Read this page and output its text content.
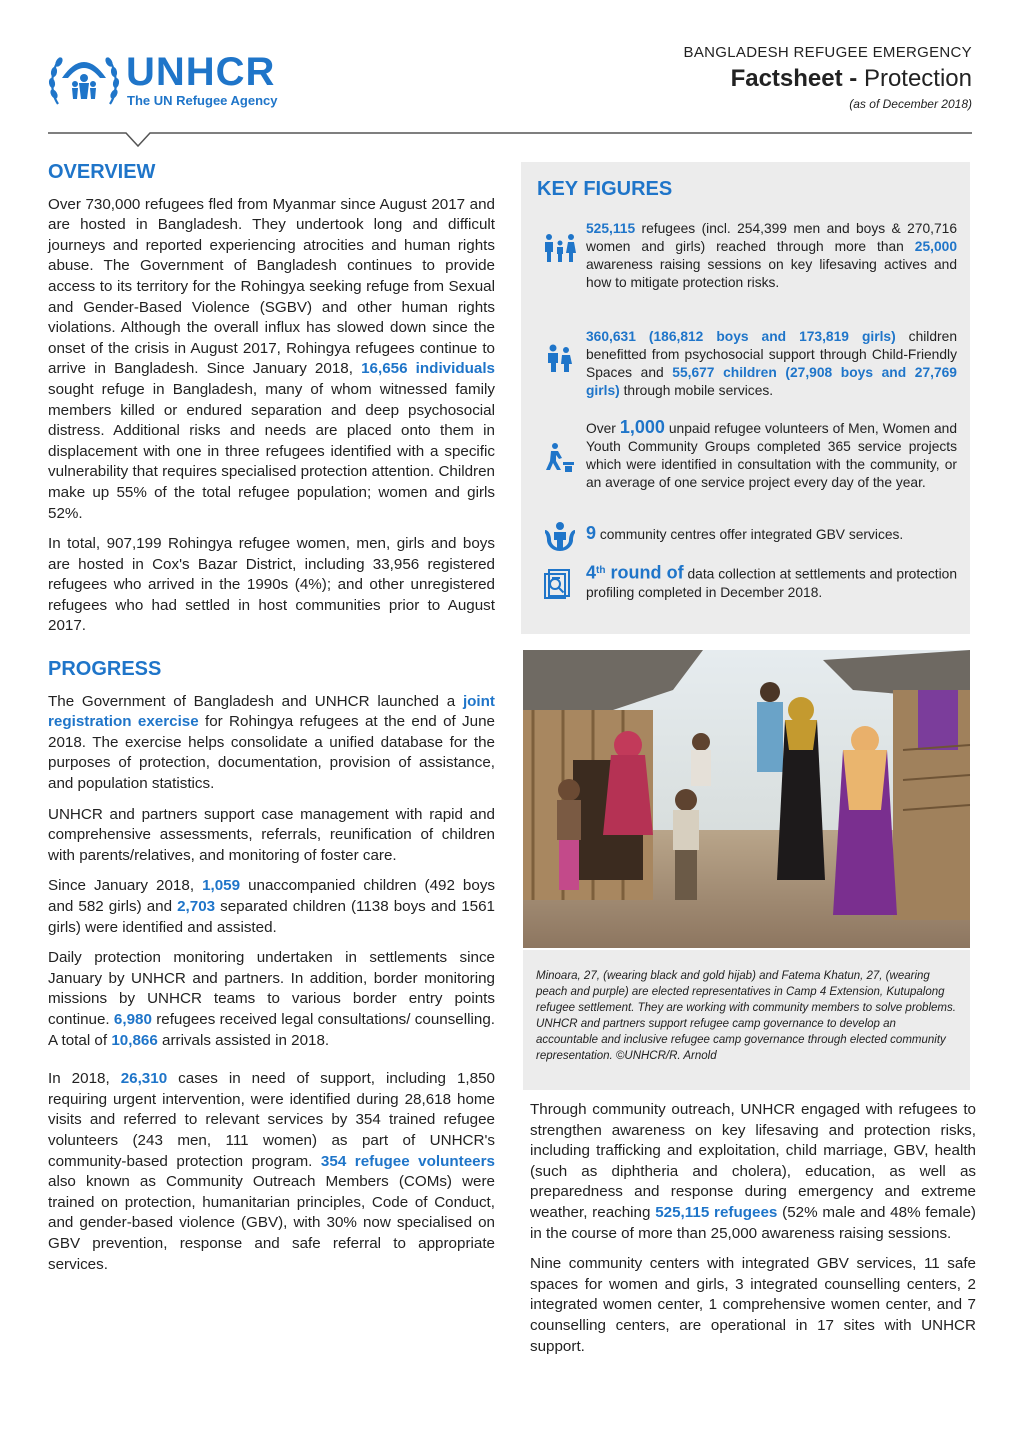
UNHCR
The UN Refugee Agency
BANGLADESH REFUGEE EMERGENCY
Factsheet - Protection
(as of December 2018)
OVERVIEW

Over 730,000 refugees fled from Myanmar since August 2017 and are hosted in Bangladesh. They undertook long and difficult journeys and reported experiencing atrocities and human rights abuse. The Government of Bangladesh continues to provide access to its territory for the Rohingya seeking refuge from Sexual and Gender-Based Violence (SGBV) and other human rights violations. Although the overall influx has slowed down since the onset of the crisis in August 2017, Rohingya refugees continue to arrive in Bangladesh. Since January 2018, 16,656 individuals sought refuge in Bangladesh, many of whom witnessed family members killed or endured separation and deep psychosocial distress. Additional risks and needs are placed onto them in displacement with one in three refugees identified with a specific vulnerability that requires specialised protection attention. Children make up 55% of the total refugee population; women and girls 52%.

In total, 907,199 Rohingya refugee women, men, girls and boys are hosted in Cox's Bazar District, including 33,956 registered refugees who arrived in the 1990s (4%); and other unregistered refugees who had settled in host communities prior to August 2017.

PROGRESS

The Government of Bangladesh and UNHCR launched a joint registration exercise for Rohingya refugees at the end of June 2018. The exercise helps consolidate a unified database for the purposes of protection, documentation, provision of assistance, and population statistics.

UNHCR and partners support case management with rapid and comprehensive assessments, referrals, reunification of children with parents/relatives, and monitoring of foster care.

Since January 2018, 1,059 unaccompanied children (492 boys and 582 girls) and 2,703 separated children (1138 boys and 1561 girls) were identified and assisted.

Daily protection monitoring undertaken in settlements since January by UNHCR and partners. In addition, border monitoring missions by UNHCR teams to various border entry points continue. 6,980 refugees received legal consultations/ counselling. A total of 10,866 arrivals assisted in 2018.

In 2018, 26,310 cases in need of support, including 1,850 requiring urgent intervention, were identified during 28,618 home visits and referred to relevant services by 354 trained refugee volunteers (243 men, 111 women) as part of UNHCR's community-based protection program. 354 refugee volunteers also known as Community Outreach Members (COMs) were trained on protection, humanitarian principles, Code of Conduct, and gender-based violence (GBV), with 30% now specialised on GBV prevention, response and safe referral to appropriate services.

KEY FIGURES
525,115 refugees (incl. 254,399 men and boys & 270,716 women and girls) reached through more than 25,000 awareness raising sessions on key lifesaving actives and how to mitigate protection risks.
360,631 (186,812 boys and 173,819 girls) children benefitted from psychosocial support through Child-Friendly Spaces and 55,677 children (27,908 boys and 27,769 girls) through mobile services.
Over 1,000 unpaid refugee volunteers of Men, Women and Youth Community Groups completed 365 service projects which were identified in consultation with the community, or an average of one service project every day of the year.
9 community centres offer integrated GBV services.
4th round of data collection at settlements and protection profiling completed in December 2018.
Minoara, 27, (wearing black and gold hijab) and Fatema Khatun, 27, (wearing peach and purple) are elected representatives in Camp 4 Extension, Kutupalong refugee settlement. They are working with community members to solve problems. UNHCR and partners support refugee camp governance to develop an accountable and inclusive refugee camp governance through elected community representation. ©UNHCR/R. Arnold

Through community outreach, UNHCR engaged with refugees to strengthen awareness on key lifesaving and protection risks, including trafficking and exploitation, child marriage, GBV, health (such as diphtheria and cholera), education, as well as preparedness and response during emergency and extreme weather, reaching 525,115 refugees (52% male and 48% female) in the course of more than 25,000 awareness raising sessions.

Nine community centers with integrated GBV services, 11 safe spaces for women and girls, 3 integrated counselling centers, 2 integrated women center, 1 comprehensive women center, and 7 counselling centers, are operational in 17 sites with UNHCR support.
